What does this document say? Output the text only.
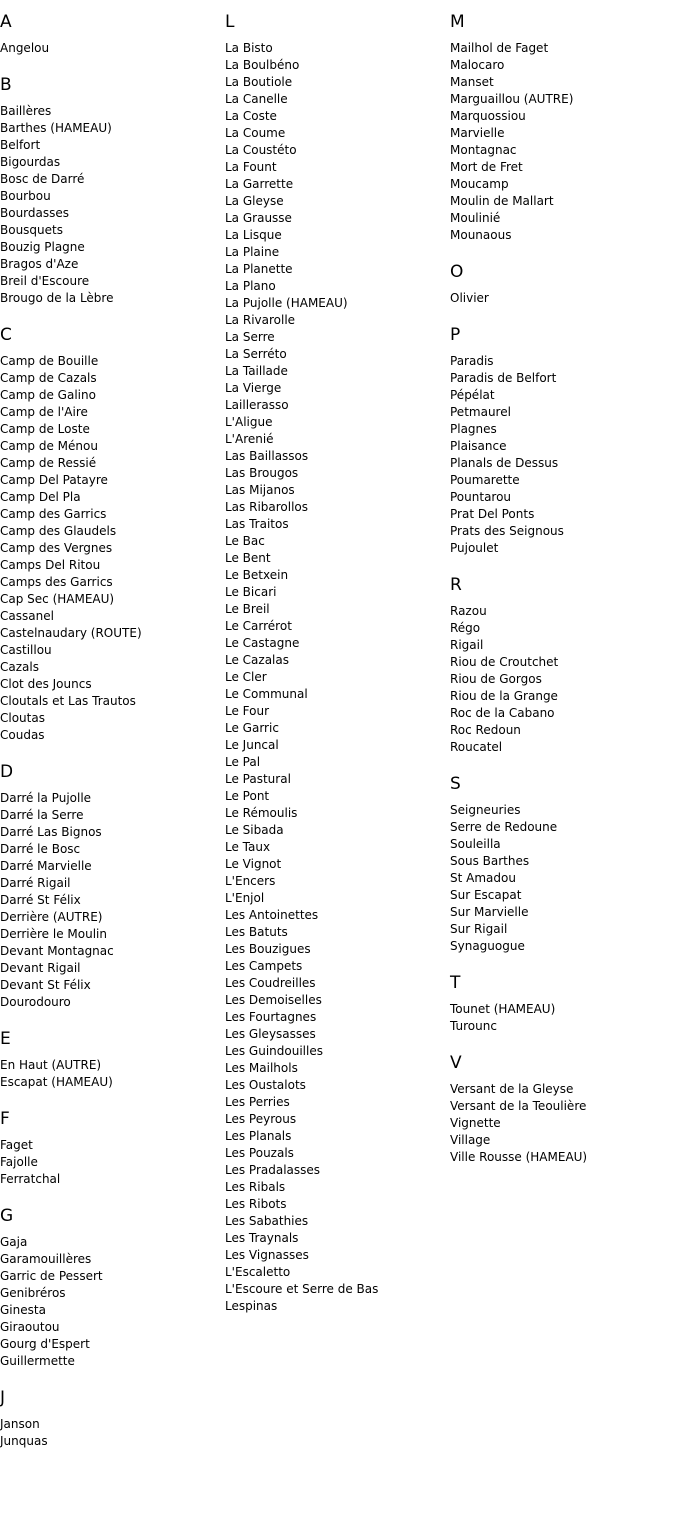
A
Angelou
B
Baillères
Barthes (HAMEAU)
Belfort
Bigourdas
Bosc de Darré
Bourbou
Bourdasses
Bousquets
Bouzig Plagne
Bragos d'Aze
Breil d'Escoure
Brougo de la Lèbre
C
Camp de Bouille
Camp de Cazals
Camp de Galino
Camp de l'Aire
Camp de Loste
Camp de Ménou
Camp de Ressié
Camp Del Patayre
Camp Del Pla
Camp des Garrics
Camp des Glaudels
Camp des Vergnes
Camps Del Ritou
Camps des Garrics
Cap Sec (HAMEAU)
Cassanel
Castelnaudary (ROUTE)
Castillou
Cazals
Clot des Jouncs
Cloutals et Las Trautos
Cloutas
Coudas
D
Darré la Pujolle
Darré la Serre
Darré Las Bignos
Darré le Bosc
Darré Marvielle
Darré Rigail
Darré St Félix
Derrière (AUTRE)
Derrière le Moulin
Devant Montagnac
Devant Rigail
Devant St Félix
Dourodouro
E
En Haut (AUTRE)
Escapat (HAMEAU)
F
Faget
Fajolle
Ferratchal
G
Gaja
Garamouillères
Garric de Pessert
Genibréros
Ginesta
Giraoutou
Gourg d'Espert
Guillermette
J
Janson
Junquas
L
La Bisto
La Boulbéno
La Boutiole
La Canelle
La Coste
La Coume
La Coustéto
La Fount
La Garrette
La Gleyse
La Grausse
La Lisque
La Plaine
La Planette
La Plano
La Pujolle (HAMEAU)
La Rivarolle
La Serre
La Serréto
La Taillade
La Vierge
Laillerasso
L'Aligue
L'Arenié
Las Baillassos
Las Brougos
Las Mijanos
Las Ribarollos
Las Traitos
Le Bac
Le Bent
Le Betxein
Le Bicari
Le Breil
Le Carrérot
Le Castagne
Le Cazalas
Le Cler
Le Communal
Le Four
Le Garric
Le Juncal
Le Pal
Le Pastural
Le Pont
Le Rémoulis
Le Sibada
Le Taux
Le Vignot
L'Encers
L'Enjol
Les Antoinettes
Les Batuts
Les Bouzigues
Les Campets
Les Coudreilles
Les Demoiselles
Les Fourtagnes
Les Gleysasses
Les Guindouilles
Les Mailhols
Les Oustalots
Les Perries
Les Peyrous
Les Planals
Les Pouzals
Les Pradalasses
Les Ribals
Les Ribots
Les Sabathies
Les Traynals
Les Vignasses
L'Escaletto
L'Escoure et Serre de Bas
Lespinas
M
Mailhol de Faget
Malocaro
Manset
Marguaillou (AUTRE)
Marquossiou
Marvielle
Montagnac
Mort de Fret
Moucamp
Moulin de Mallart
Moulinié
Mounaous
O
Olivier
P
Paradis
Paradis de Belfort
Pépélat
Petmaurel
Plagnes
Plaisance
Planals de Dessus
Poumarette
Pountarou
Prat Del Ponts
Prats des Seignous
Pujoulet
R
Razou
Régo
Rigail
Riou de Croutchet
Riou de Gorgos
Riou de la Grange
Roc de la Cabano
Roc Redoun
Roucatel
S
Seigneuries
Serre de Redoune
Souleilla
Sous Barthes
St Amadou
Sur Escapat
Sur Marvielle
Sur Rigail
Synaguogue
T
Tounet (HAMEAU)
Turounc
V
Versant de la Gleyse
Versant de la Teoulière
Vignette
Village
Ville Rousse (HAMEAU)
